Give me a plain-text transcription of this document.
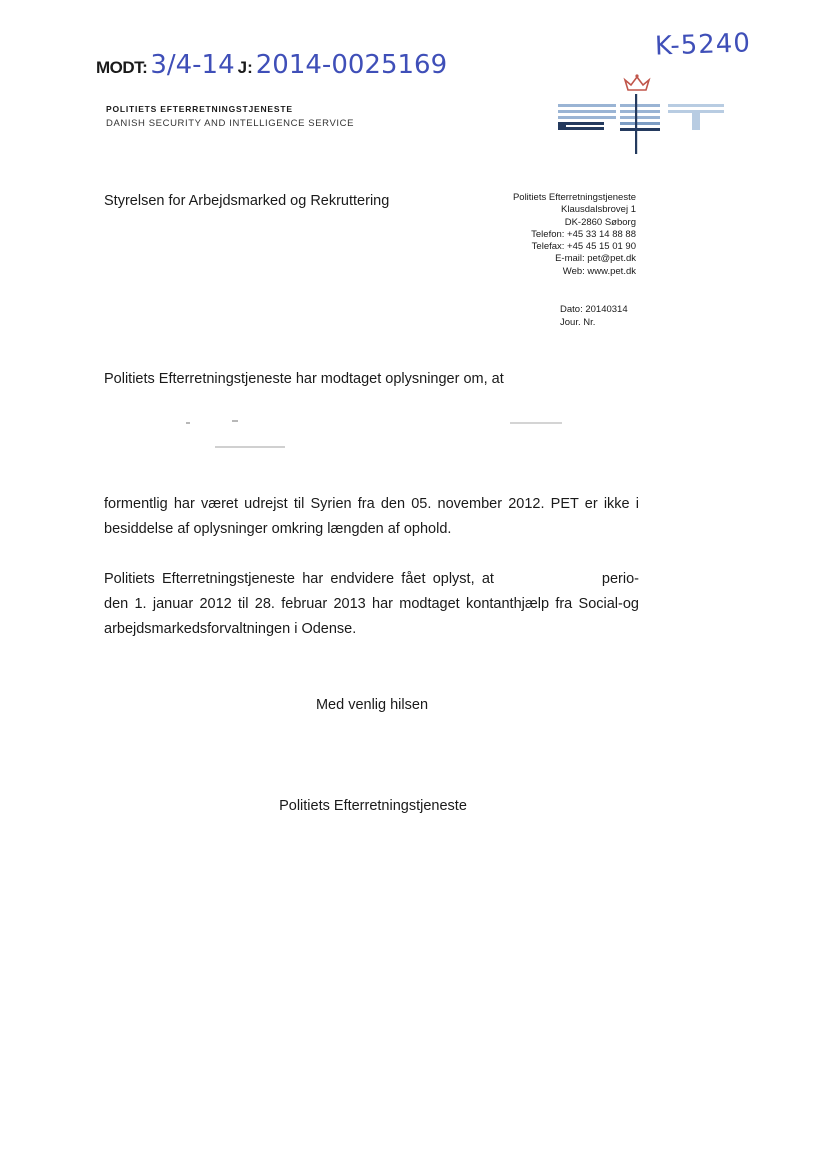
K-5240
MODT: 3/4-14 J: 2014-0025169
POLITIETS EFTERRETNINGSTJENESTE
DANISH SECURITY AND INTELLIGENCE SERVICE
Styrelsen for Arbejdsmarked og Rekruttering	Politiets Efterretningstjeneste
Klausdalsbrovej 1
DK-2860 Søborg
Telefon: +45 33 14 88 88
Telefax: +45 45 15 01 90
E-mail: pet@pet.dk
Web: www.pet.dk
Dato: 20140314
Jour. Nr.
Politiets Efterretningstjeneste har modtaget oplysninger om, at
formentlig har været udrejst til Syrien fra den 05. november 2012. PET er ikke i besiddelse af oplysninger omkring længden af ophold.
Politiets Efterretningstjeneste har endvidere fået oplyst, at	perio-den 1. januar 2012 til 28. februar 2013 har modtaget kontanthjælp fra Social-og arbejdsmarkedsforvaltningen i Odense.
Med venlig hilsen
Politiets Efterretningstjeneste
